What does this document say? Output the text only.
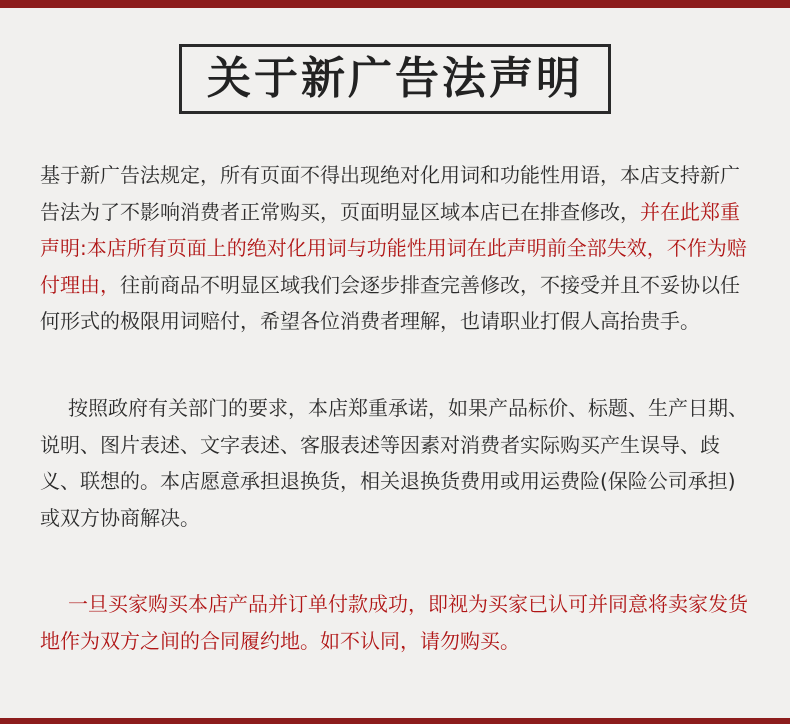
关于新广告法声明

基于新广告法规定，所有页面不得出现绝对化用词和功能性用语，本店支持新广告法为了不影响消费者正常购买，页面明显区域本店已在排查修改，并在此郑重声明:本店所有页面上的绝对化用词与功能性用词在此声明前全部失效，不作为赔付理由，往前商品不明显区域我们会逐步排查完善修改，不接受并且不妥协以任何形式的极限用词赔付，希望各位消费者理解，也请职业打假人高抬贵手。

按照政府有关部门的要求，本店郑重承诺，如果产品标价、标题、生产日期、说明、图片表述、文字表述、客服表述等因素对消费者实际购买产生误导、歧义、联想的。本店愿意承担退换货，相关退换货费用或用运费险(保险公司承担)或双方协商解决。

一旦买家购买本店产品并订单付款成功，即视为买家已认可并同意将卖家发货地作为双方之间的合同履约地。如不认同，请勿购买。
